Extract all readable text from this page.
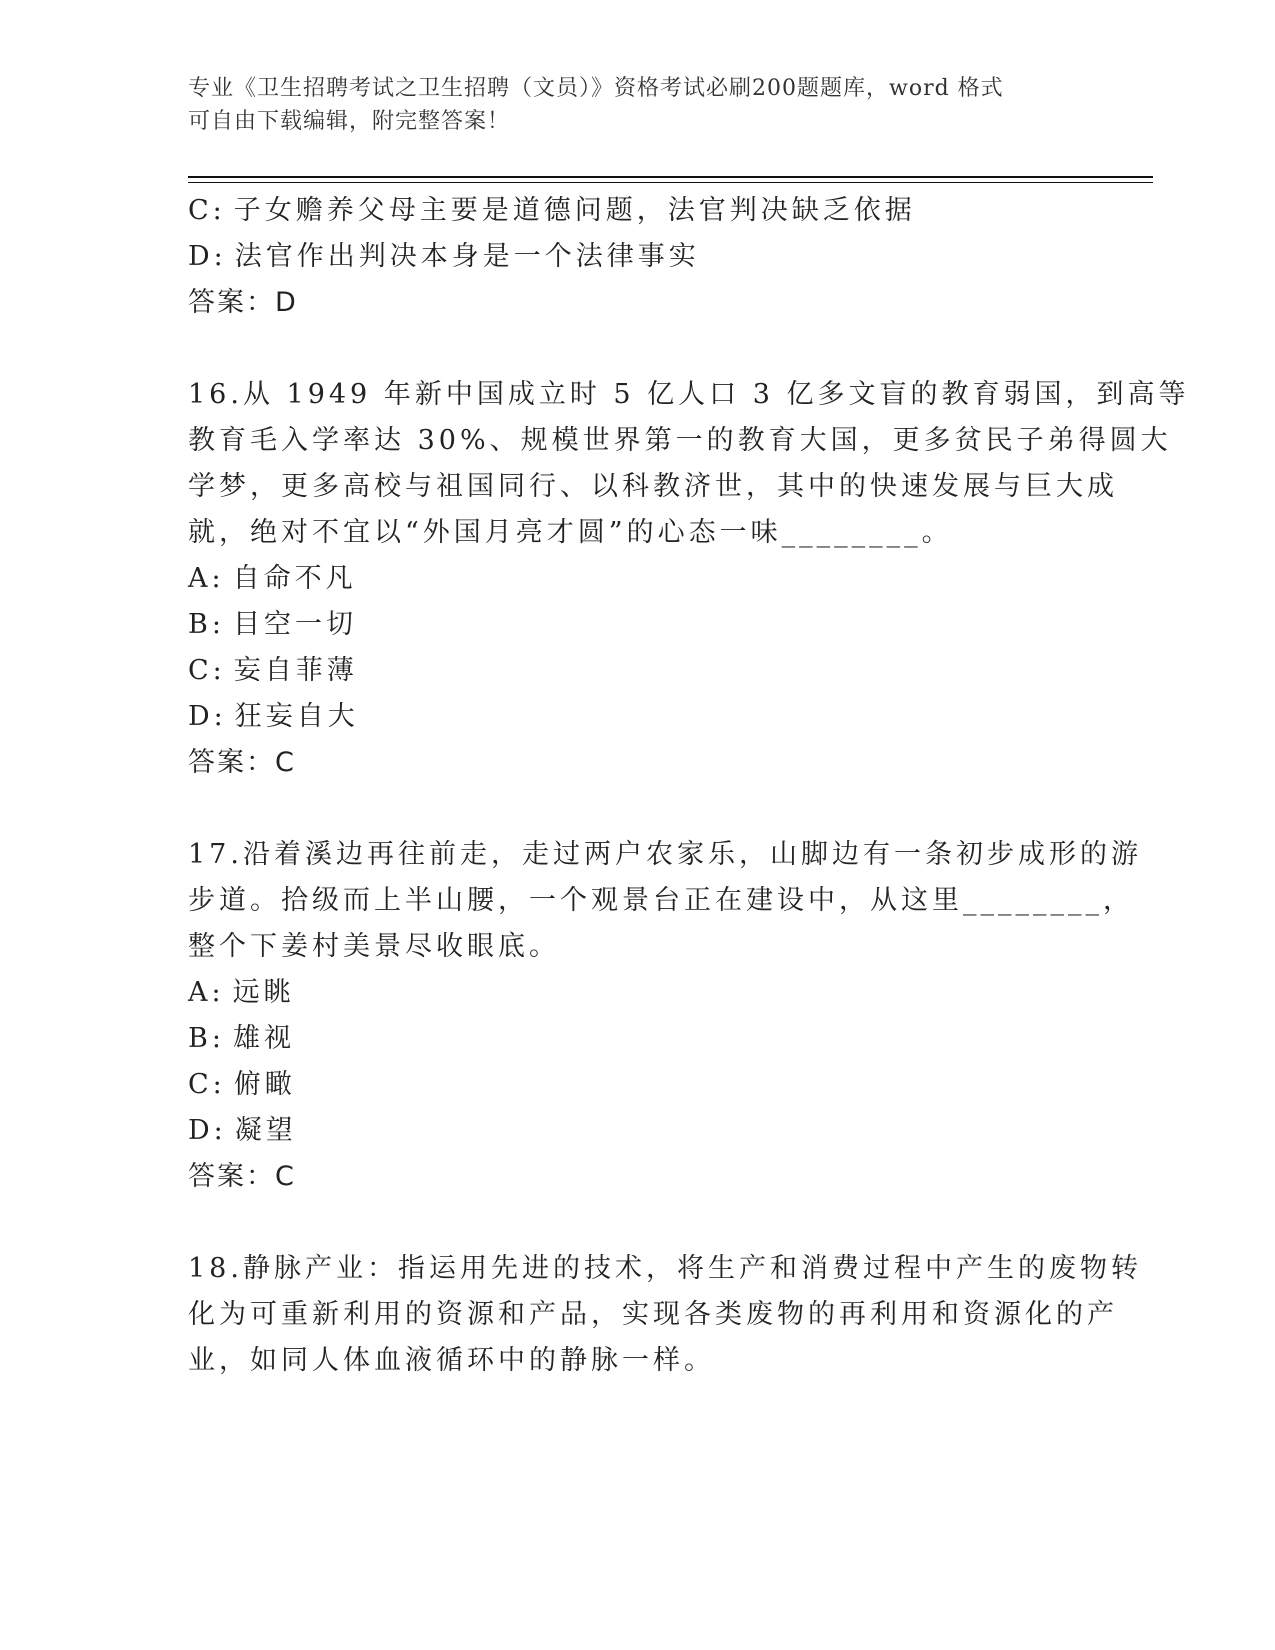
专业《卫生招聘考试之卫生招聘（文员）》资格考试必刷200题题库，word 格式
可自由下载编辑，附完整答案！

C: 子女赡养父母主要是道德问题，法官判决缺乏依据

D: 法官作出判决本身是一个法律事实

答案：D

16.从 1949 年新中国成立时 5 亿人口 3 亿多文盲的教育弱国，到高等

教育毛入学率达 30%、规模世界第一的教育大国，更多贫民子弟得圆大

学梦，更多高校与祖国同行、以科教济世，其中的快速发展与巨大成

就，绝对不宜以“外国月亮才圆”的心态一味________。

A: 自命不凡

B: 目空一切

C: 妄自菲薄

D: 狂妄自大

答案：C

17.沿着溪边再往前走，走过两户农家乐，山脚边有一条初步成形的游

步道。拾级而上半山腰，一个观景台正在建设中，从这里________，

整个下姜村美景尽收眼底。

A: 远眺

B: 雄视

C: 俯瞰

D: 凝望

答案：C

18.静脉产业：指运用先进的技术，将生产和消费过程中产生的废物转

化为可重新利用的资源和产品，实现各类废物的再利用和资源化的产

业，如同人体血液循环中的静脉一样。
